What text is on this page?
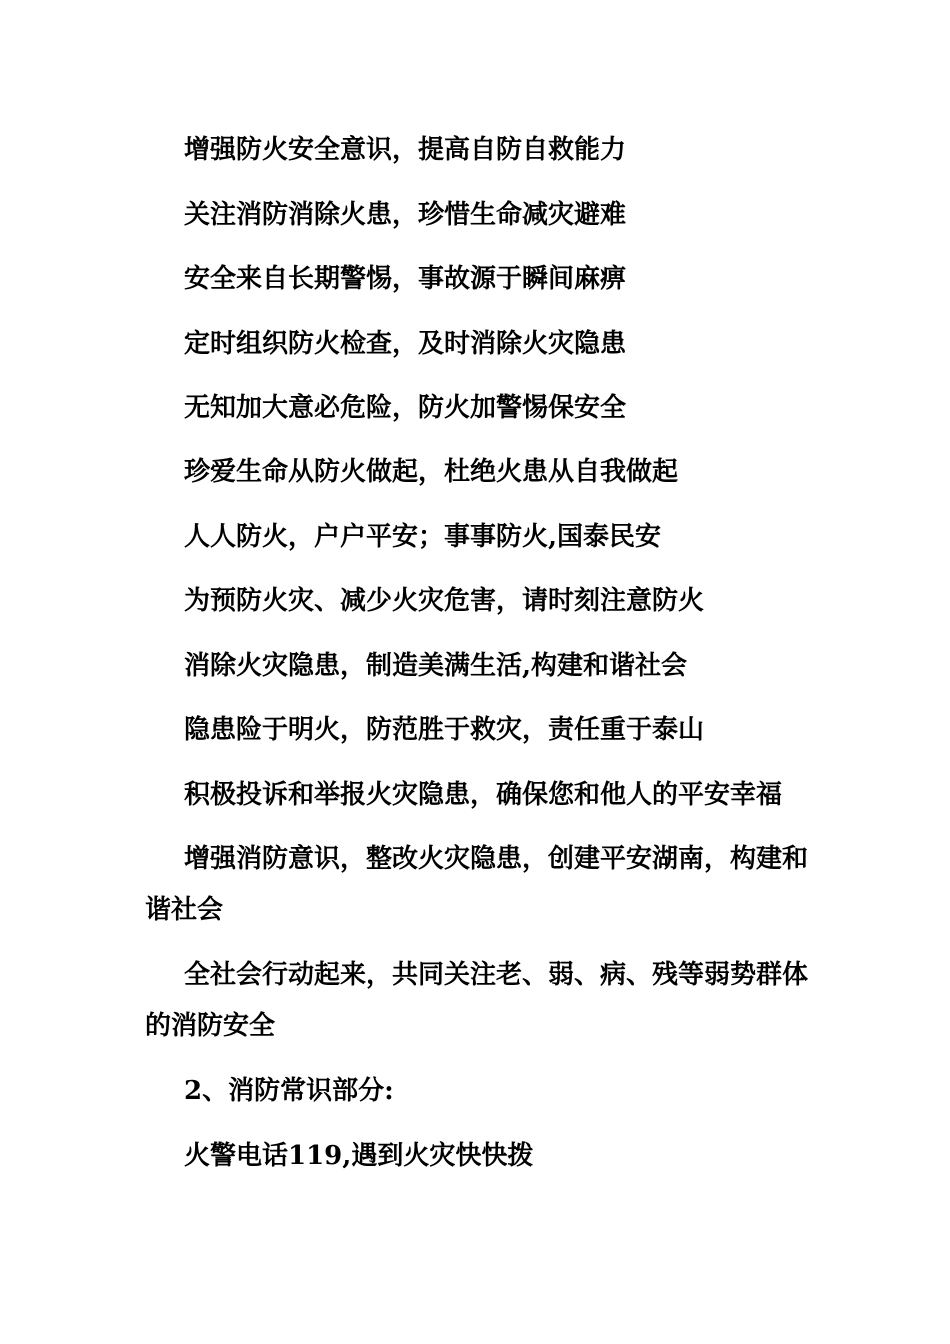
增强防火安全意识，提高自防自救能力
关注消防消除火患，珍惜生命减灾避难
安全来自长期警惕，事故源于瞬间麻痹
定时组织防火检查，及时消除火灾隐患
无知加大意必危险，防火加警惕保安全
珍爱生命从防火做起，杜绝火患从自我做起
人人防火，户户平安；事事防火,国泰民安
为预防火灾、减少火灾危害，请时刻注意防火
消除火灾隐患，制造美满生活,构建和谐社会
隐患险于明火，防范胜于救灾，责任重于泰山
积极投诉和举报火灾隐患，确保您和他人的平安幸福
增强消防意识，整改火灾隐患，创建平安湖南，构建和
谐社会
全社会行动起来，共同关注老、弱、病、残等弱势群体
的消防安全
2、消防常识部分:
火警电话119,遇到火灾快快拨
